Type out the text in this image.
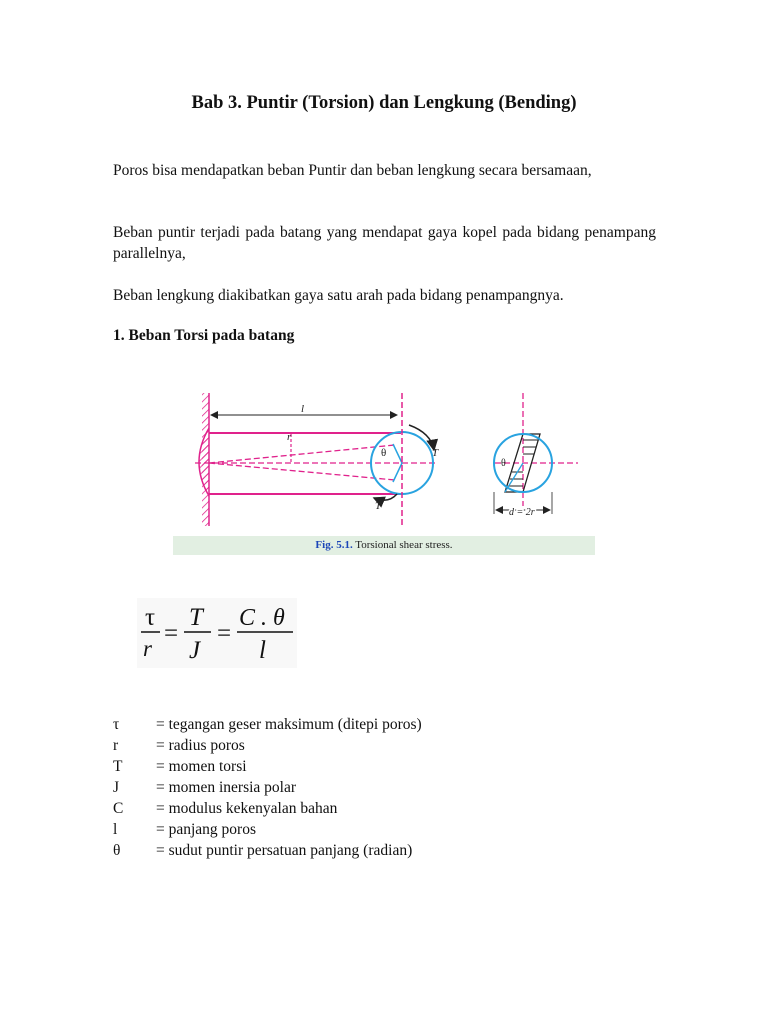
Bab 3. Puntir (Torsion) dan Lengkung (Bending)

Poros bisa mendapatkan beban Puntir dan beban lengkung secara bersamaan,

Beban puntir terjadi pada batang yang mendapat gaya kopel pada bidang penampang parallelnya,

Beban lengkung diakibatkan gaya satu arah pada bidang penampangnya.

1. Beban Torsi pada batang
l
r
θ	T
T
θ
d = 2r
Fig. 5.1. Torsional shear stress.
τ
r
=
T
J
=
C . θ
l
τ	= tegangan geser maksimum (ditepi poros)
r	= radius poros
T	= momen torsi
J	= momen inersia polar
C	= modulus kekenyalan bahan
l	= panjang poros
θ	= sudut puntir persatuan panjang (radian)
